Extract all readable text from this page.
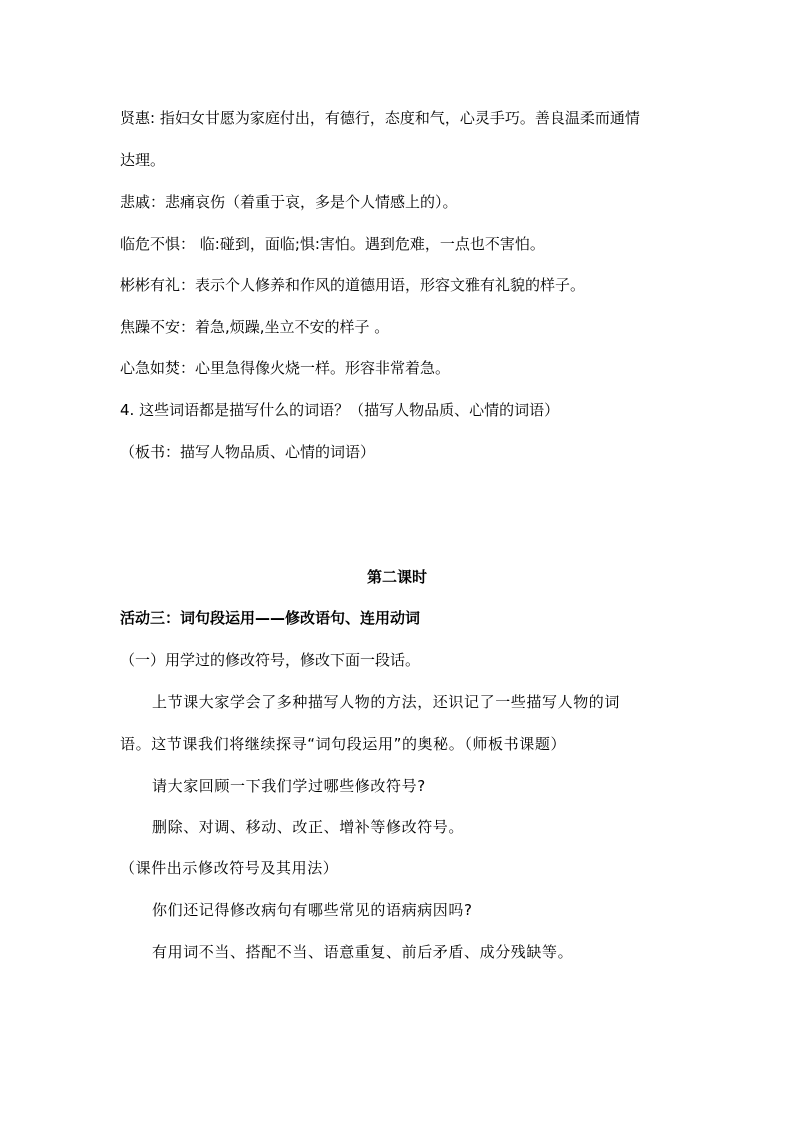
贤惠: 指妇女甘愿为家庭付出，有德行，态度和气，心灵手巧。善良温柔而通情
达理。
悲戚：悲痛哀伤（着重于哀，多是个人情感上的）。
临危不惧： 临:碰到，面临;惧:害怕。遇到危难，一点也不害怕。
彬彬有礼：表示个人修养和作风的道德用语，形容文雅有礼貌的样子。
焦躁不安：着急,烦躁,坐立不安的样子 。
心急如焚：心里急得像火烧一样。形容非常着急。
4. 这些词语都是描写什么的词语？（描写人物品质、心情的词语）
（板书：描写人物品质、心情的词语）
第二课时
活动三：词句段运用——修改语句、连用动词
（一）用学过的修改符号，修改下面一段话。
上节课大家学会了多种描写人物的方法，还识记了一些描写人物的词
语。这节课我们将继续探寻“词句段运用”的奥秘。（师板书课题）
请大家回顾一下我们学过哪些修改符号?
删除、对调、移动、改正、增补等修改符号。
（课件出示修改符号及其用法）
你们还记得修改病句有哪些常见的语病病因吗?
有用词不当、搭配不当、语意重复、前后矛盾、成分残缺等。
